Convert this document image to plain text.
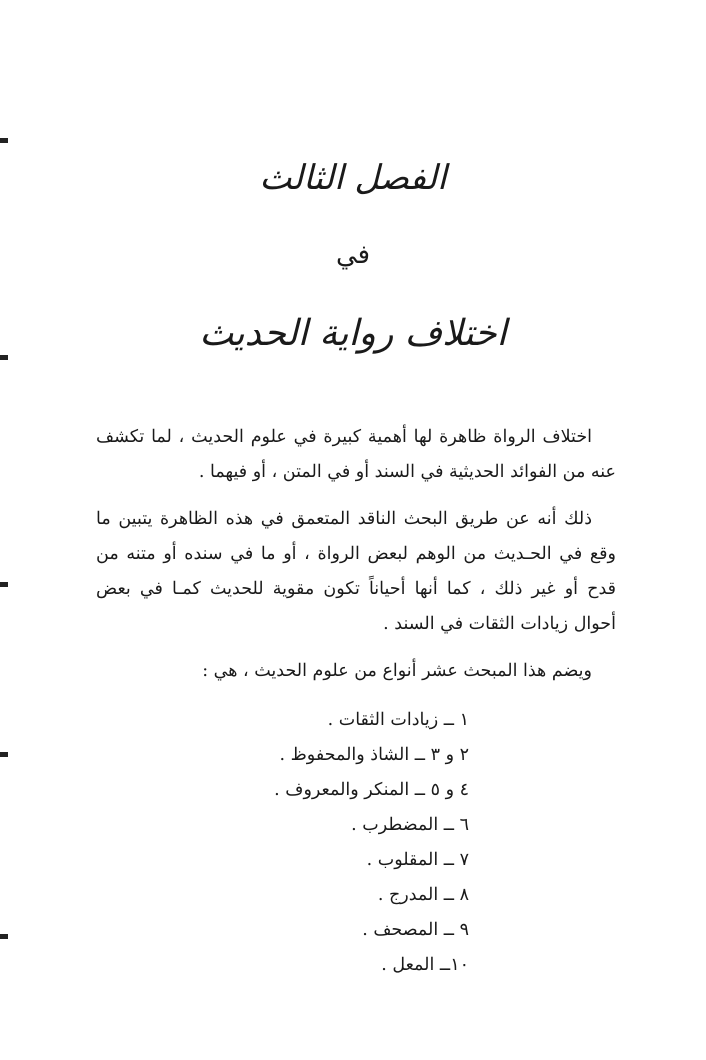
الفصل الثالث
في
اختلاف رواية الحديث

اختلاف الرواة ظاهرة لها أهمية كبيرة في علوم الحديث ، لما تكشف عنه من الفوائد الحديثية في السند أو في المتن ، أو فيهما .

ذلك أنه عن طريق البحث الناقد المتعمق في هذه الظاهرة يتبين ما وقع في الحـديث من الوهم لبعض الرواة ، أو ما في سنده أو متنه من قدح أو غير ذلك ، كما أنها أحياناً تكون مقوية للحديث كمـا في بعض أحوال زيادات الثقات في السند .

ويضم هذا المبحث عشر أنواع من علوم الحديث ، هي :

١ ــ زيادات الثقات .
٢ و ٣ ــ الشاذ والمحفوظ .
٤ و ٥ ــ المنكر والمعروف .
٦ ــ المضطرب .
٧ ــ المقلوب .
٨ ــ المدرج .
٩ ــ المصحف .
١٠ــ المعل .
